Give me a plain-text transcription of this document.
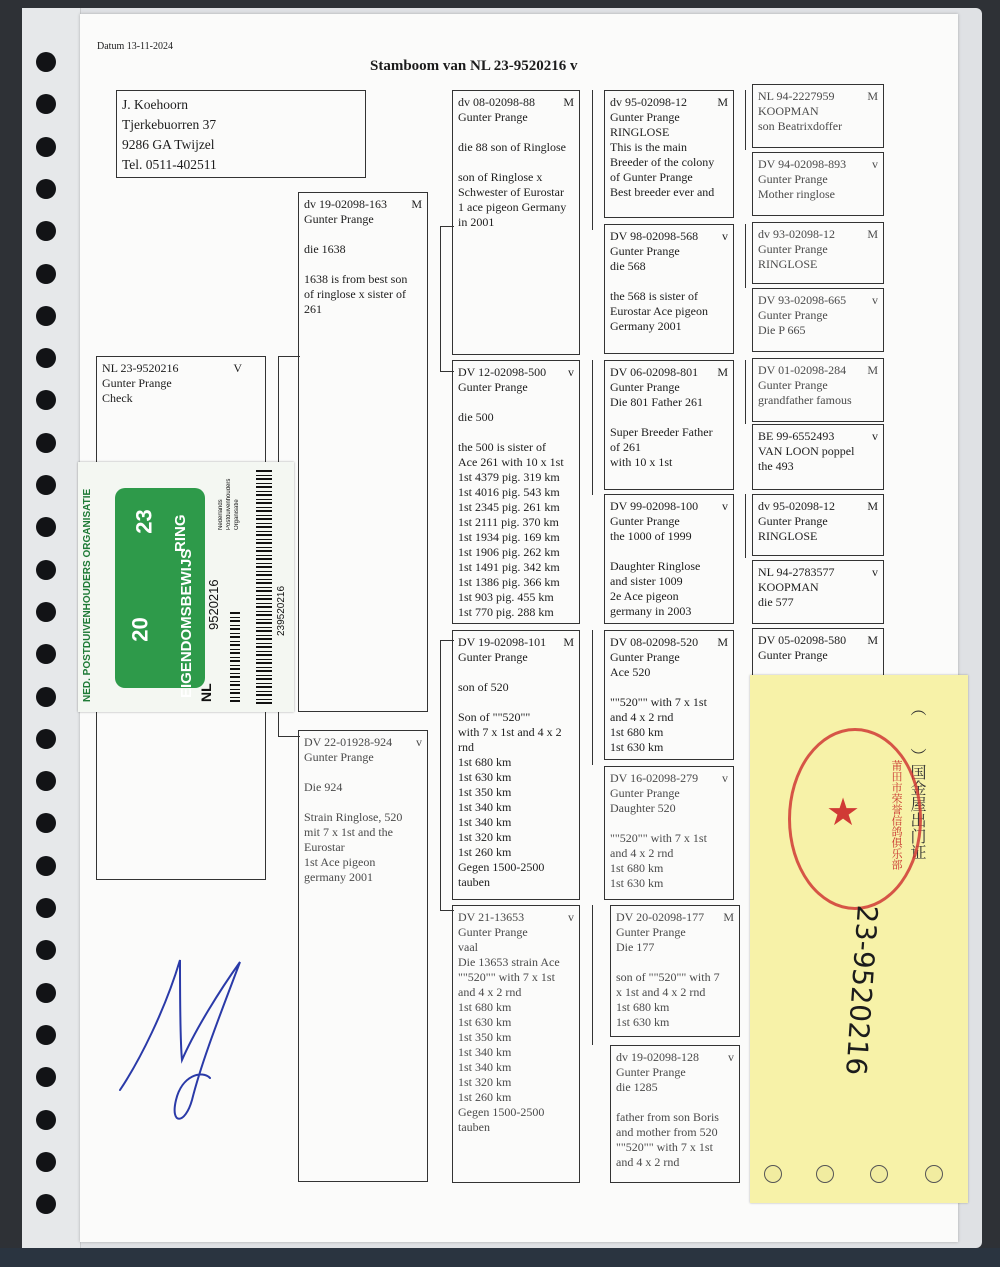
Datum 13-11-2024
Stamboom van NL 23-9520216 v
J. Koehoorn
Tjerkebuorren 37
9286 GA Twijzel
Tel. 0511-402511
NL 23-9520216	V
Gunter Prange
Check
dv 19-02098-163 M
Gunter Prange
die 1638
1638 is from best son
of ringlose x sister of
261
DV 22-01928-924 v
Gunter Prange
Die 924
Strain Ringlose, 520
mit 7 x 1st and the
Eurostar
1st Ace pigeon
germany 2001
dv 08-02098-88 M
Gunter Prange
die 88 son of Ringlose
son of Ringlose x
Schwester of Eurostar
1 ace pigeon Germany
in 2001
DV 12-02098-500 v
Gunter Prange
die 500
the 500 is sister of
Ace 261 with 10 x 1st
1st 4379 pig. 319 km
1st 4016 pig. 543 km
1st 2345 pig. 261 km
1st 2111 pig. 370 km
1st 1934 pig. 169 km
1st 1906 pig. 262 km
1st 1491 pig. 342 km
1st 1386 pig. 366 km
1st 903 pig. 455 km
1st 770 pig. 288 km
DV 19-02098-101 M
Gunter Prange
son of 520
Son of ""520""
with 7 x 1st and 4 x 2
rnd
1st 680 km
1st 630 km
1st 350 km
1st 340 km
1st 340 km
1st 320 km
1st 260 km
Gegen 1500-2500
tauben
DV 21-13653	v
Gunter Prange
vaal
Die 13653 strain Ace
""520"" with 7 x 1st
and 4 x 2 rnd
1st 680 km
1st 630 km
1st 350 km
1st 340 km
1st 340 km
1st 320 km
1st 260 km
Gegen 1500-2500
tauben
dv 95-02098-12	M
Gunter Prange
RINGLOSE
This is the main
Breeder of the colony
of Gunter Prange
Best breeder ever and
DV 98-02098-568 v
Gunter Prange
die 568
the 568 is sister of
Eurostar Ace pigeon
Germany 2001
DV 06-02098-801 M
Gunter Prange
Die 801 Father 261
Super Breeder Father
of 261
with 10 x 1st
DV 99-02098-100 v
Gunter Prange
the 1000 of 1999
Daughter Ringlose
and sister 1009
2e Ace pigeon
germany in 2003
DV 08-02098-520 M
Gunter Prange
Ace 520
""520"" with 7 x 1st
and 4 x 2 rnd
1st 680 km
1st 630 km
DV 16-02098-279 v
Gunter Prange
Daughter 520
""520"" with 7 x 1st
and 4 x 2 rnd
1st 680 km
1st 630 km
DV 20-02098-177 M
Gunter Prange
Die 177
son of ""520"" with 7
x 1st and 4 x 2 rnd
1st 680 km
1st 630 km
dv 19-02098-128 v
Gunter Prange
die 1285
father from son Boris
and mother from 520
""520"" with 7 x 1st
and 4 x 2 rnd
NL 94-2227959	M
KOOPMAN
son Beatrixdoffer
DV 94-02098-893 v
Gunter Prange
Mother ringlose
dv 93-02098-12	M
Gunter Prange
RINGLOSE
DV 93-02098-665 v
Gunter Prange
Die P 665
DV 01-02098-284 M
Gunter Prange
grandfather famous
BE 99-6552493	v
VAN LOON poppel
the 493
dv 95-02098-12	M
Gunter Prange
RINGLOSE
NL 94-2783577	v
KOOPMAN
die 577
DV 05-02098-580 M
Gunter Prange
NED. POSTDUIVENHOUDERS ORGANISATIE	EIGENDOMSBEWIJS
RING
20
23
NL
9520216	2395202​16
Nederlands Postduivenhouders Organisatie
（　　）国金屋出门证
莆田市荣誉信鸽俱乐部
★
23-9520216
